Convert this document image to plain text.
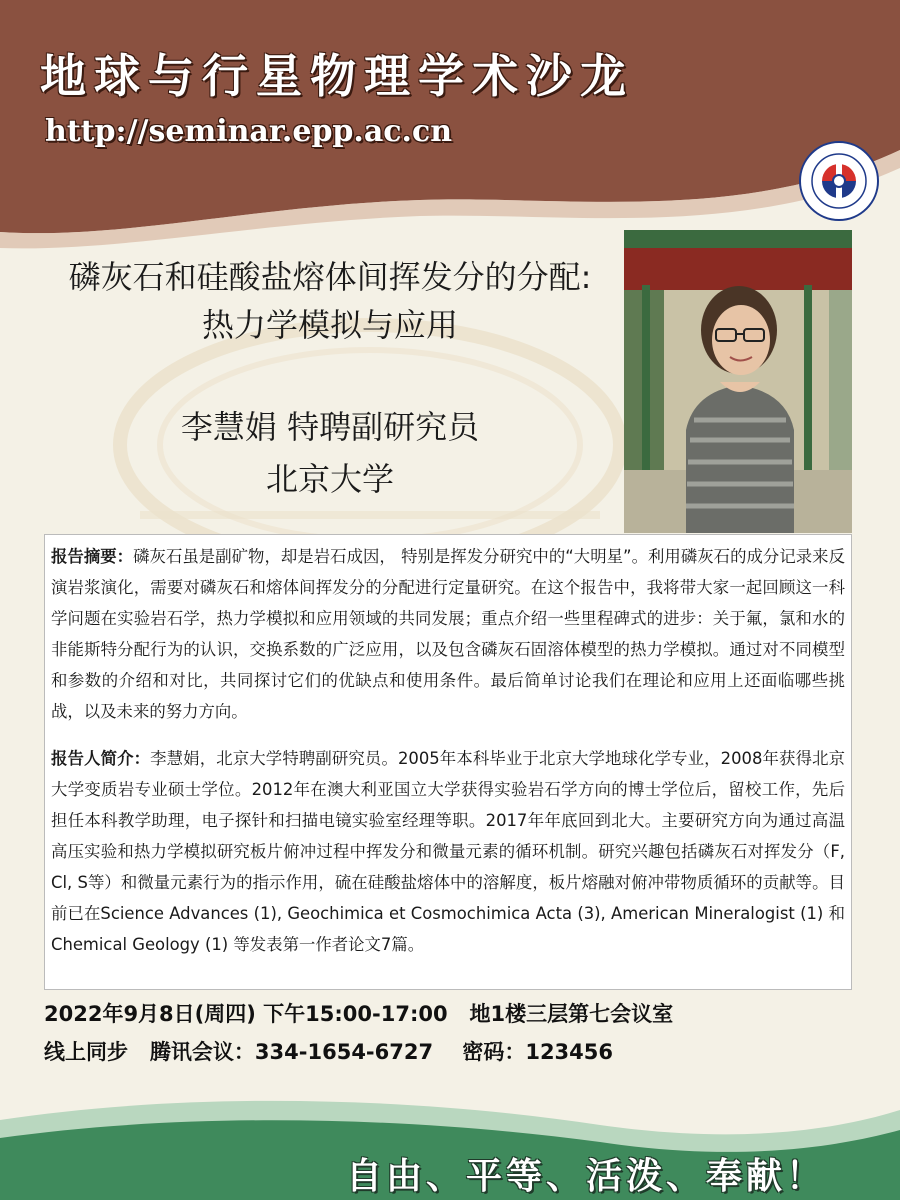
地球与行星物理学术沙龙
http://seminar.epp.ac.cn
磷灰石和硅酸盐熔体间挥发分的分配:
热力学模拟与应用
李慧娟 特聘副研究员
北京大学

报告摘要：磷灰石虽是副矿物，却是岩石成因， 特别是挥发分研究中的“大明星”。利用磷灰石的成分记录来反演岩浆演化，需要对磷灰石和熔体间挥发分的分配进行定量研究。在这个报告中，我将带大家一起回顾这一科学问题在实验岩石学，热力学模拟和应用领域的共同发展；重点介绍一些里程碑式的进步：关于氟，氯和水的非能斯特分配行为的认识，交换系数的广泛应用，以及包含磷灰石固溶体模型的热力学模拟。通过对不同模型和参数的介绍和对比，共同探讨它们的优缺点和使用条件。最后简单讨论我们在理论和应用上还面临哪些挑战，以及未来的努力方向。

报告人简介：李慧娟，北京大学特聘副研究员。2005年本科毕业于北京大学地球化学专业，2008年获得北京大学变质岩专业硕士学位。2012年在澳大利亚国立大学获得实验岩石学方向的博士学位后，留校工作，先后担任本科教学助理，电子探针和扫描电镜实验室经理等职。2017年年底回到北大。主要研究方向为通过高温高压实验和热力学模拟研究板片俯冲过程中挥发分和微量元素的循环机制。研究兴趣包括磷灰石对挥发分（F, Cl, S等）和微量元素行为的指示作用，硫在硅酸盐熔体中的溶解度，板片熔融对俯冲带物质循环的贡献等。目前已在Science Advances (1), Geochimica et Cosmochimica Acta (3), American Mineralogist (1) 和 Chemical Geology (1) 等发表第一作者论文7篇。

2022年9月8日(周四) 下午15:00-17:00   地1楼三层第七会议室
线上同步   腾讯会议：334-1654-6727    密码：123456
自由、平等、活泼、奉献！
